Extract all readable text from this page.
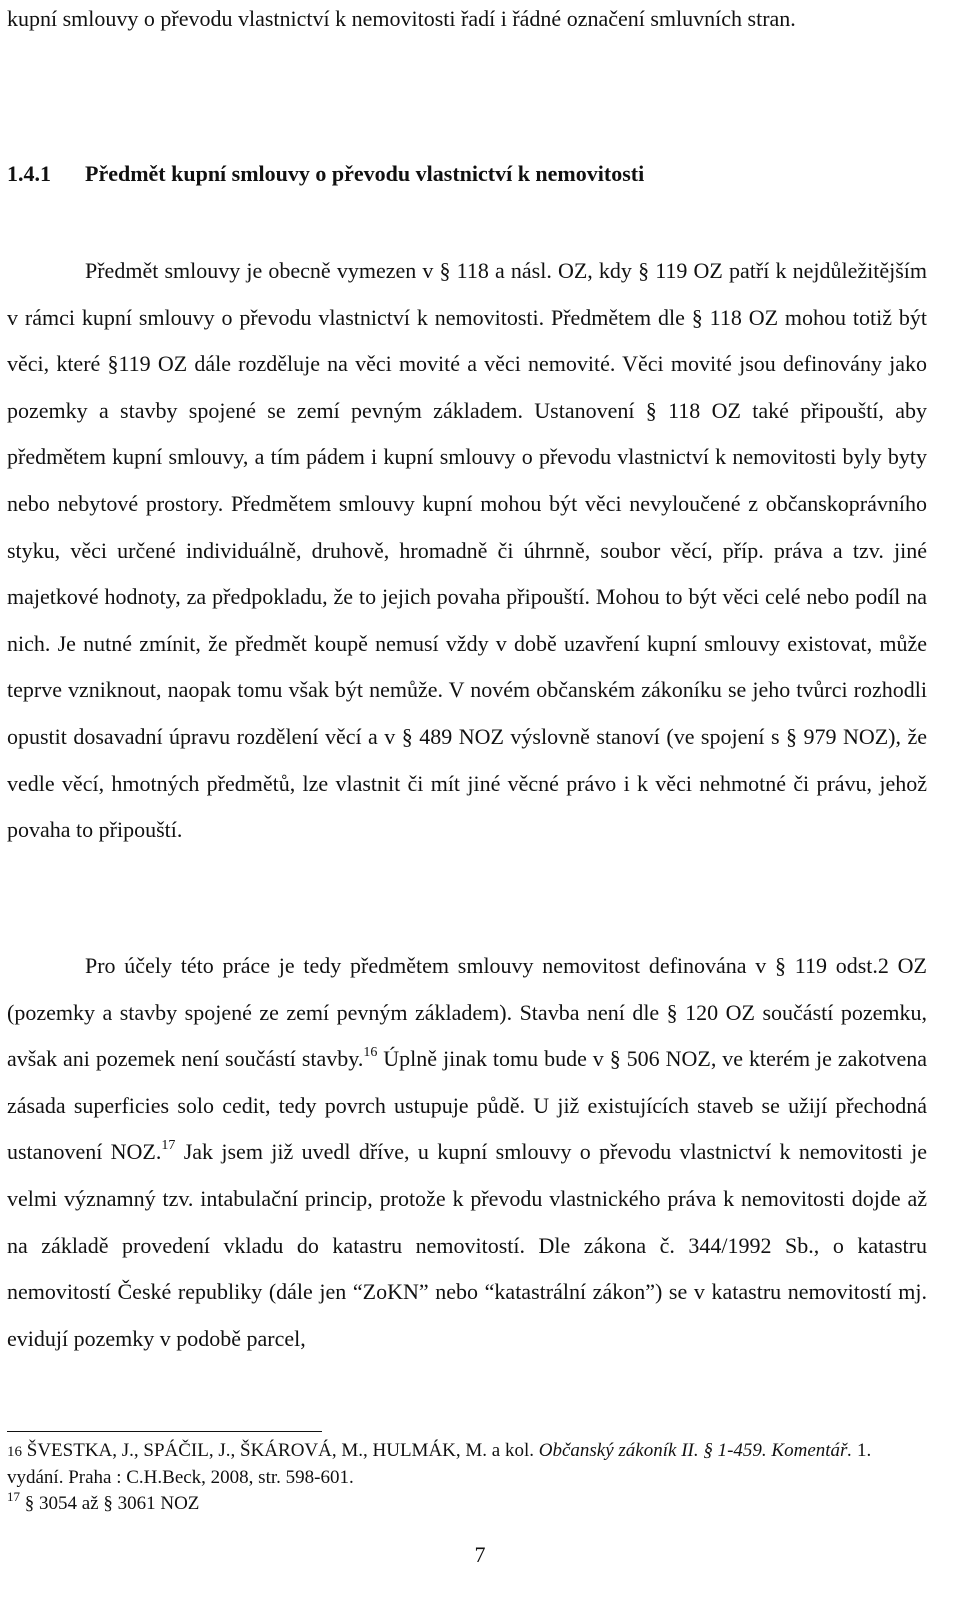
kupní smlouvy o převodu vlastnictví k nemovitosti řadí i řádné označení smluvních stran.

1.4.1 Předmět kupní smlouvy o převodu vlastnictví k nemovitosti

Předmět smlouvy je obecně vymezen v § 118 a násl. OZ, kdy § 119 OZ patří k nejdůležitějším v rámci kupní smlouvy o převodu vlastnictví k nemovitosti. Předmětem dle § 118 OZ mohou totiž být věci, které §119 OZ dále rozděluje na věci movité a věci nemovité. Věci movité jsou definovány jako pozemky a stavby spojené se zemí pevným základem. Ustanovení § 118 OZ také připouští, aby předmětem kupní smlouvy, a tím pádem i kupní smlouvy o převodu vlastnictví k nemovitosti byly byty nebo nebytové prostory. Předmětem smlouvy kupní mohou být věci nevyloučené z občanskoprávního styku, věci určené individuálně, druhově, hromadně či úhrnně, soubor věcí, příp. práva a tzv. jiné majetkové hodnoty, za předpokladu, že to jejich povaha připouští. Mohou to být věci celé nebo podíl na nich. Je nutné zmínit, že předmět koupě nemusí vždy v době uzavření kupní smlouvy existovat, může teprve vzniknout, naopak tomu však být nemůže. V novém občanském zákoníku se jeho tvůrci rozhodli opustit dosavadní úpravu rozdělení věcí a v § 489 NOZ výslovně stanoví (ve spojení s § 979 NOZ), že vedle věcí, hmotných předmětů, lze vlastnit či mít jiné věcné právo i k věci nehmotné či právu, jehož povaha to připouští.

Pro účely této práce je tedy předmětem smlouvy nemovitost definována v § 119 odst.2 OZ (pozemky a stavby spojené ze zemí pevným základem). Stavba není dle § 120 OZ součástí pozemku, avšak ani pozemek není součástí stavby.$^{16}$ Úplně jinak tomu bude v § 506 NOZ, ve kterém je zakotvena zásada superficies solo cedit, tedy povrch ustupuje půdě. U již existujících staveb se užijí přechodná ustanovení NOZ.$^{17}$ Jak jsem již uvedl dříve, u kupní smlouvy o převodu vlastnictví k nemovitosti je velmi významný tzv. intabulační princip, protože k převodu vlastnického práva k nemovitosti dojde až na základě provedení vkladu do katastru nemovitostí. Dle zákona č. 344/1992 Sb., o katastru nemovitostí České republiky (dále jen “ZoKN” nebo “katastrální zákon”) se v katastru nemovitostí mj. evidují pozemky v podobě parcel,

16 ŠVESTKA, J., SPÁČIL, J., ŠKÁROVÁ, M., HULMÁK, M. a kol. Občanský zákoník II. § 1-459. Komentář. 1. vydání. Praha : C.H.Beck, 2008, str. 598-601.

$^{17}$ § 3054 až § 3061 NOZ

7
